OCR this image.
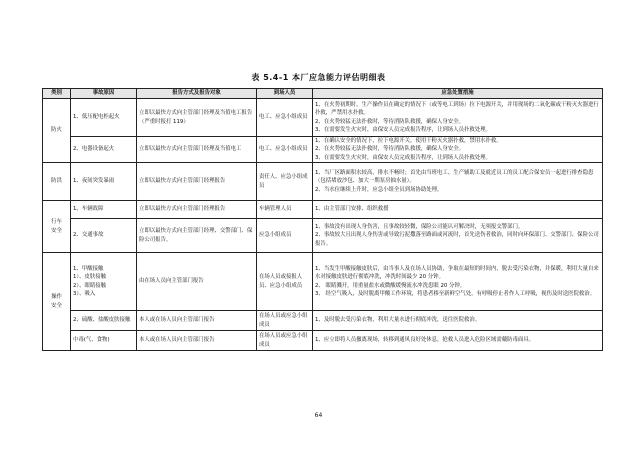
表 5.4-1 本厂应急能力评估明细表
类别	事故原因	报告方式及报告对象	到场人员	应急处置措施
防火	1、低压配电柜起火	立即以最快方式向主管部门经理及当值电工报告（严重时报打 119）	电工、应急小组成员	1、在火势初期时，生产操作员在确定的情况下（或等电工到场）拉下电源开关，并用现场的二氧化碳或干粉灭火器进行扑救，严禁用水扑救。
2、在火势较猛无法扑救时，等待消防队救援，确保人身安全。
3、在需要发生火灾时，由保安人员完成报告程序，让到场人员扑救处理。
	2、电器设备起火	立即以最快方式向主管部门经理及当值电工	电工、应急小组成员	1、在确认安全的情况下，拉下电源开关，使用干粉灭火器扑救，禁用水扑救。
2、在火势较猛无法扑救时，等待消防队救援，确保人身安全。
3、在需要发生火灾时，由保安人员完成报告程序，让到场人员扑救处理。
防洪	1、夜间突发暴雨	立即以最快方式向主管部门经理报告	责任人、应急小组成员	1、当厂区路面积水较高，排水不畅时；首先由当班电工、生产辅助工及就近员工的员工配合保安员一起进行排查隐患（包括堵放沙包、加大一期泵房抽水量）。
2、当水位继续上升时，应急小组全员到场协助处理。
行车
安全	1、车辆故障	立即以最快方式向主管部门经理报告	车辆管理人员	1、由主管部门安排、组织救援
	2、交通事故	立即以最快方式向主管部门经理、交警部门、保险公司报告。	应急小组成员	1、事故没有出现人身伤害，且事故较轻微，保险公司能认可解决时，无须报交警部门。
2、事故较大且出现人身伤害或导致污泥撒落至路面或河流时，首先送伤者救治，同时向环保部门、交警部门、保险公司报告。
操作
安全	1、甲酸接触
1）、皮肤接触
2）、眼睛接触
3）、吸入	由在场人员向主管部门报告	在场人员或接报人员、应急小组成员	1、当发生甲酸接触皮肤后，由当事人及在场人员协助，争取在最短的时间内，脱去受污染衣物，并保暖，利用大量自来水对接触皮肤进行彻底冲洗，冲洗时间最少 20 分钟。
2、 眼睛溅开，用重量盐水或微酸缓慢流水冲洗患眼 20 分钟。
3、 经空气吸入，及时脱离甲酸工作环境，将患者移至新鲜空气处，有呼吸停止者作人工呼吸，视伤及时送医院救治。
	2、硫酸、盐酸皮肤接触	本人或在场人员向主管部门报告	在场人员或应急小组成员	1、及时脱去受污染衣物，利用大量水进行彻底冲洗，送往医院救治。
	中毒(气、食物)	本人或在场人员向主管部门报告	在场人员或应急小组成员	1、应立即将人员撤离现场，转移到通风良好处休息，抢救人员进入危险区域需戴防毒面具。
64
